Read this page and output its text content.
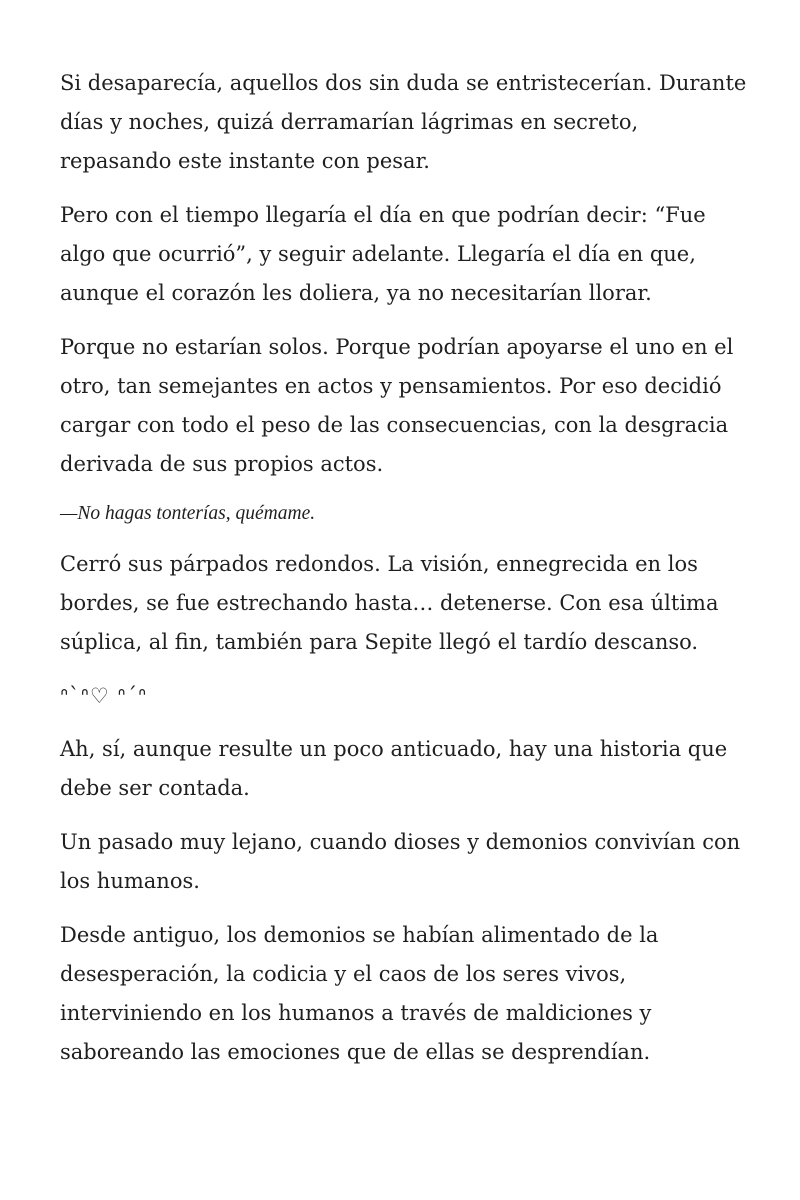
Si desaparecía, aquellos dos sin duda se entristecerían. Durante días y noches, quizá derramarían lágrimas en secreto, repasando este instante con pesar.

Pero con el tiempo llegaría el día en que podrían decir: “Fue algo que ocurrió”, y seguir adelante. Llegaría el día en que, aunque el corazón les doliera, ya no necesitarían llorar.

Porque no estarían solos. Porque podrían apoyarse el uno en el otro, tan semejantes en actos y pensamientos. Por eso decidió cargar con todo el peso de las consecuencias, con la desgracia derivada de sus propios actos.

—No hagas tonterías, quémame.

Cerró sus párpados redondos. La visión, ennegrecida en los bordes, se fue estrechando hasta… detenerse. Con esa última súplica, al fin, también para Sepite llegó el tardío descanso.

ᐢ`ᐢ♡ ᐢ´ᐢ

Ah, sí, aunque resulte un poco anticuado, hay una historia que debe ser contada.

Un pasado muy lejano, cuando dioses y demonios convivían con los humanos.

Desde antiguo, los demonios se habían alimentado de la desesperación, la codicia y el caos de los seres vivos, interviniendo en los humanos a través de maldiciones y saboreando las emociones que de ellas se desprendían.
